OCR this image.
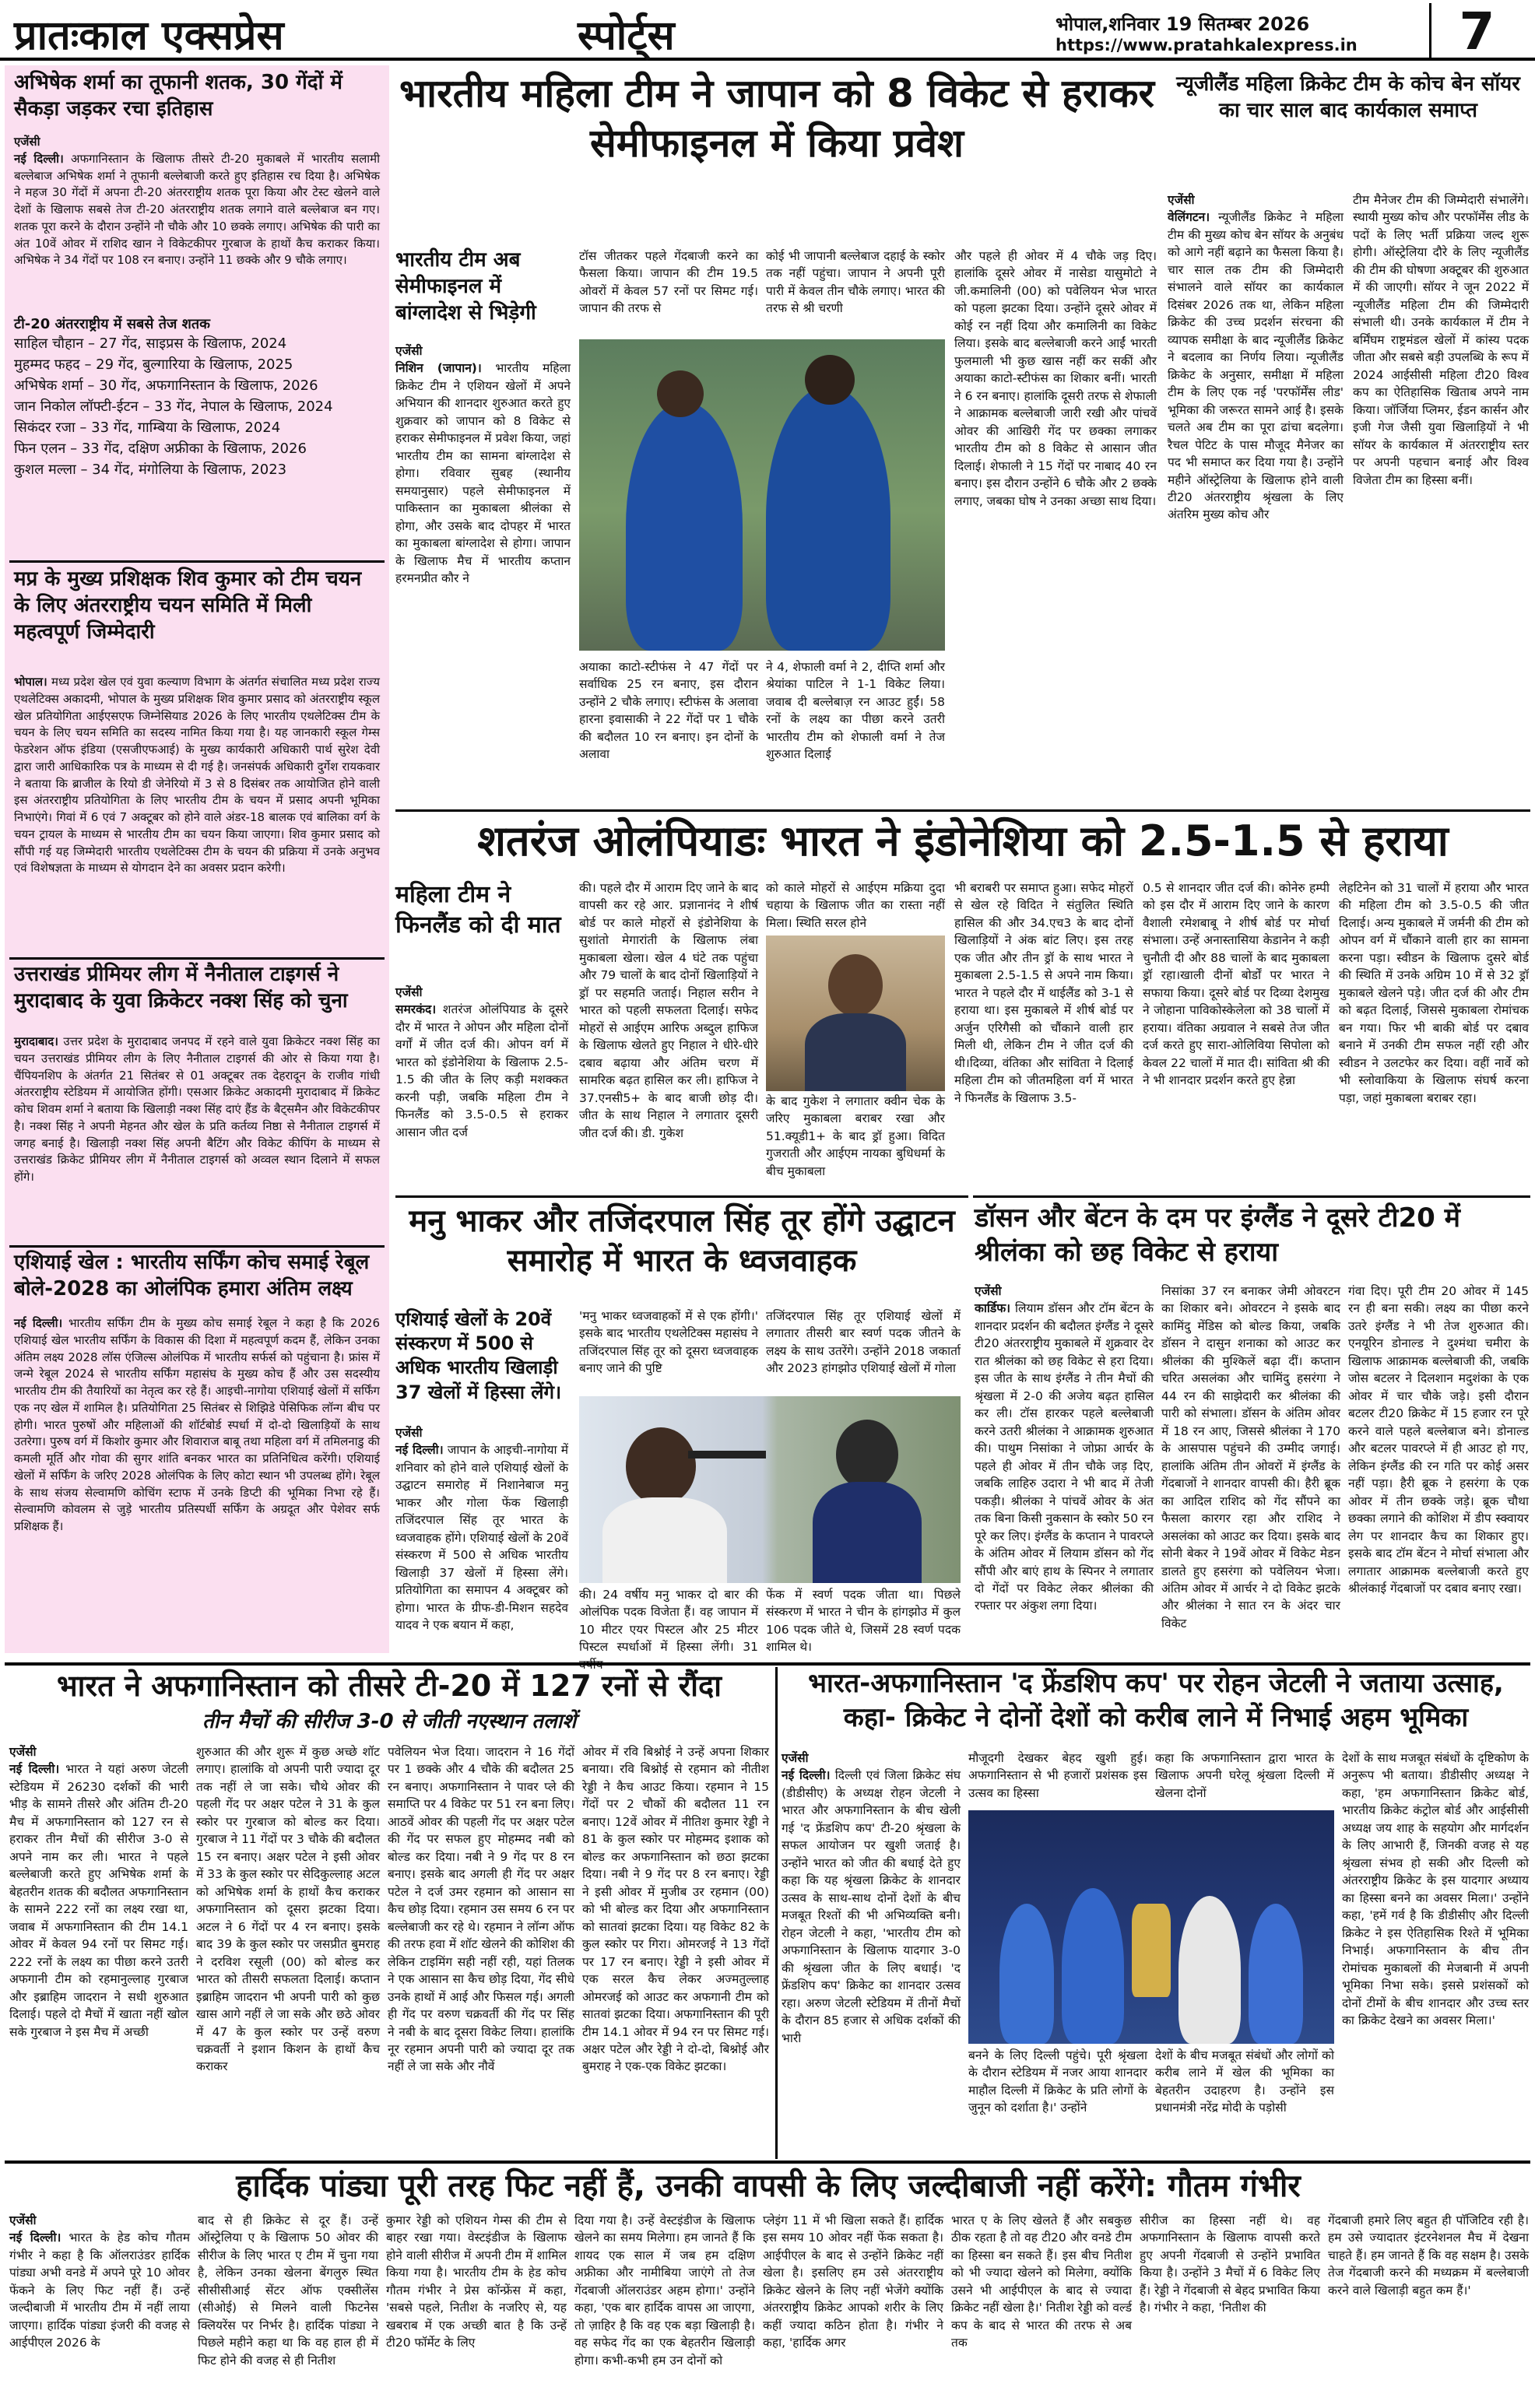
प्रातःकाल एक्सप्रेस	स्पोर्ट्स	भोपाल,शनिवार 19 सितम्बर 2026
https://www.pratahkalexpress.in	7
अभिषेक शर्मा का तूफानी शतक, 30 गेंदों में सैकड़ा जड़कर रचा इतिहास
एजेंसी
नई दिल्ली। अफगानिस्तान के खिलाफ तीसरे टी-20 मुकाबले में भारतीय सलामी बल्लेबाज अभिषेक शर्मा ने तूफानी बल्लेबाजी करते हुए इतिहास रच दिया है। अभिषेक ने महज 30 गेंदों में अपना टी-20 अंतरराष्ट्रीय शतक पूरा किया और टेस्ट खेलने वाले देशों के खिलाफ सबसे तेज टी-20 अंतरराष्ट्रीय शतक लगाने वाले बल्लेबाज बन गए। शतक पूरा करने के दौरान उन्होंने नौ चौके और 10 छक्के लगाए। अभिषेक की पारी का अंत 10वें ओवर में राशिद खान ने विकेटकीपर गुरबाज के हाथों कैच कराकर किया। अभिषेक ने 34 गेंदों पर 108 रन बनाए। उन्होंने 11 छक्के और 9 चौके लगाए।
टी-20 अंतरराष्ट्रीय में सबसे तेज शतक
साहिल चौहान – 27 गेंद, साइप्रस के खिलाफ, 2024
मुहम्मद फहद – 29 गेंद, बुल्गारिया के खिलाफ, 2025
अभिषेक शर्मा – 30 गेंद, अफगानिस्तान के खिलाफ, 2026
जान निकोल लॉफ्टी-ईटन – 33 गेंद, नेपाल के खिलाफ, 2024
सिकंदर रजा – 33 गेंद, गाम्बिया के खिलाफ, 2024
फिन एलन – 33 गेंद, दक्षिण अफ्रीका के खिलाफ, 2026
कुशल मल्ला – 34 गेंद, मंगोलिया के खिलाफ, 2023
मप्र के मुख्य प्रशिक्षक शिव कुमार को टीम चयन के लिए अंतरराष्ट्रीय चयन समिति में मिली महत्वपूर्ण जिम्मेदारी
भोपाल। मध्य प्रदेश खेल एवं युवा कल्याण विभाग के अंतर्गत संचालित मध्य प्रदेश राज्य एथलेटिक्स अकादमी, भोपाल के मुख्य प्रशिक्षक शिव कुमार प्रसाद को अंतरराष्ट्रीय स्कूल खेल प्रतियोगिता आईएसएफ जिम्नेसियाड 2026 के लिए भारतीय एथलेटिक्स टीम के चयन के लिए चयन समिति का सदस्य नामित किया गया है। यह जानकारी स्कूल गेम्स फेडरेशन ऑफ इंडिया (एसजीएफआई) के मुख्य कार्यकारी अधिकारी पार्थ सुरेश देवी द्वारा जारी आधिकारिक पत्र के माध्यम से दी गई है। जनसंपर्क अधिकारी दुर्गेश रायकवार ने बताया कि ब्राजील के रियो डी जेनेरियो में 3 से 8 दिसंबर तक आयोजित होने वाली इस अंतरराष्ट्रीय प्रतियोगिता के लिए भारतीय टीम के चयन में प्रसाद अपनी भूमिका निभाएंगे। गिवां में 6 एवं 7 अक्टूबर को होने वाले अंडर-18 बालक एवं बालिका वर्ग के चयन ट्रायल के माध्यम से भारतीय टीम का चयन किया जाएगा। शिव कुमार प्रसाद को सौंपी गई यह जिम्मेदारी भारतीय एथलेटिक्स टीम के चयन की प्रक्रिया में उनके अनुभव एवं विशेषज्ञता के माध्यम से योगदान देने का अवसर प्रदान करेगी।
उत्तराखंड प्रीमियर लीग में नैनीताल टाइगर्स ने मुरादाबाद के युवा क्रिकेटर नक्श सिंह को चुना
मुरादाबाद। उत्तर प्रदेश के मुरादाबाद जनपद में रहने वाले युवा क्रिकेटर नक्श सिंह का चयन उत्तराखंड प्रीमियर लीग के लिए नैनीताल टाइगर्स की ओर से किया गया है। चैंपियनशिप के अंतर्गत 21 सितंबर से 01 अक्टूबर तक देहरादून के राजीव गांधी अंतरराष्ट्रीय स्टेडियम में आयोजित होंगी। एसआर क्रिकेट अकादमी मुरादाबाद में क्रिकेट कोच शिवम शर्मा ने बताया कि खिलाड़ी नक्श सिंह दाएं हैंड के बैट्समैन और विकेटकीपर है। नक्श सिंह ने अपनी मेहनत और खेल के प्रति कर्तव्य निष्ठा से नैनीताल टाइगर्स में जगह बनाई है। खिलाड़ी नक्श सिंह अपनी बैटिंग और विकेट कीपिंग के माध्यम से उत्तराखंड क्रिकेट प्रीमियर लीग में नैनीताल टाइगर्स को अव्वल स्थान दिलाने में सफल होंगे।
एशियाई खेल : भारतीय सर्फिंग कोच समाई रेबूल बोले-2028 का ओलंपिक हमारा अंतिम लक्ष्य
नई दिल्ली। भारतीय सर्फिंग टीम के मुख्य कोच समाई रेबूल ने कहा है कि 2026 एशियाई खेल भारतीय सर्फिंग के विकास की दिशा में महत्वपूर्ण कदम हैं, लेकिन उनका अंतिम लक्ष्य 2028 लॉस एंजिल्स ओलंपिक में भारतीय सर्फर्स को पहुंचाना है। फ्रांस में जन्मे रेबूल 2024 से भारतीय सर्फिंग महासंघ के मुख्य कोच हैं और उस सदस्यीय भारतीय टीम की तैयारियों का नेतृत्व कर रहे हैं। आइची-नागोया एशियाई खेलों में सर्फिंग एक नए खेल में शामिल है। प्रतियोगिता 25 सितंबर से शिझिडे पेसिफिक लॉन्ग बीच पर होगी। भारत पुरुषों और महिलाओं की शॉर्टबोर्ड स्पर्धा में दो-दो खिलाड़ियों के साथ उतरेगा। पुरुष वर्ग में किशोर कुमार और शिवाराज बाबू तथा महिला वर्ग में तमिलनाडु की कमली मूर्ति और गोवा की सुगर शांति बनकर भारत का प्रतिनिधित्व करेंगी। एशियाई खेलों में सर्फिंग के जरिए 2028 ओलंपिक के लिए कोटा स्थान भी उपलब्ध होंगे। रेबूल के साथ संजय सेल्वामणि कोचिंग स्टाफ में उनके डिप्टी की भूमिका निभा रहे हैं। सेल्वामणि कोवलम से जुड़े भारतीय प्रतिस्पर्धी सर्फिंग के अग्रदूत और पेशेवर सर्फ प्रशिक्षक हैं।
भारतीय महिला टीम ने जापान को 8 विकेट से हराकर सेमीफाइनल में किया प्रवेश
भारतीय टीम अब सेमीफाइनल में बांग्लादेश से भिड़ेगी
एजेंसी
निशिन (जापान)। भारतीय महिला क्रिकेट टीम ने एशियन खेलों में अपने अभियान की शानदार शुरुआत करते हुए शुक्रवार को जापान को 8 विकेट से हराकर सेमीफाइनल में प्रवेश किया, जहां भारतीय टीम का सामना बांग्लादेश से होगा। रविवार सुबह (स्थानीय समयानुसार) पहले सेमीफाइनल में पाकिस्तान का मुकाबला श्रीलंका से होगा, और उसके बाद दोपहर में भारत का मुकाबला बांग्लादेश से होगा। जापान के खिलाफ मैच में भारतीय कप्तान हरमनप्रीत कौर ने
टॉस जीतकर पहले गेंदबाजी करने का फैसला किया। जापान की टीम 19.5 ओवरों में केवल 57 रनों पर सिमट गई। जापान की तरफ से
कोई भी जापानी बल्लेबाज दहाई के स्कोर तक नहीं पहुंचा। जापान ने अपनी पूरी पारी में केवल तीन चौके लगाए। भारत की तरफ से श्री चरणी
अयाका काटो-स्टीफंस ने 47 गेंदों पर सर्वाधिक 25 रन बनाए, इस दौरान उन्होंने 2 चौके लगाए। स्टीफंस के अलावा हारना इवासाकी ने 22 गेंदों पर 1 चौके की बदौलत 10 रन बनाए। इन दोनों के अलावा
ने 4, शेफाली वर्मा ने 2, दीप्ति शर्मा और श्रेयांका पाटिल ने 1-1 विकेट लिया। जवाब दी बल्लेबाज़ रन आउट हुईं। 58 रनों के लक्ष्य का पीछा करने उतरी भारतीय टीम को शेफाली वर्मा ने तेज शुरुआत दिलाई
और पहले ही ओवर में 4 चौके जड़ दिए। हालांकि दूसरे ओवर में नासेडा यासुमोटो ने जी.कमालिनी (00) को पवेलियन भेज भारत को पहला झटका दिया। उन्होंने दूसरे ओवर में कोई रन नहीं दिया और कमालिनी का विकेट लिया। इसके बाद बल्लेबाजी करने आईं भारती फुलमाली भी कुछ खास नहीं कर सकीं और अयाका काटो-स्टीफंस का शिकार बनीं। भारती ने 6 रन बनाए। हालांकि दूसरी तरफ से शेफाली ने आक्रामक बल्लेबाजी जारी रखी और पांचवें ओवर की आखिरी गेंद पर छक्का लगाकर भारतीय टीम को 8 विकेट से आसान जीत दिलाई। शेफाली ने 15 गेंदों पर नाबाद 40 रन बनाए। इस दौरान उन्होंने 6 चौके और 2 छक्के लगाए, जबका घोष ने उनका अच्छा साथ दिया।
न्यूजीलैंड महिला क्रिकेट टीम के कोच बेन सॉयर का चार साल बाद कार्यकाल समाप्त
एजेंसी
वेलिंगटन। न्यूजीलैंड क्रिकेट ने महिला टीम की मुख्य कोच बेन सॉयर के अनुबंध को आगे नहीं बढ़ाने का फैसला किया है। चार साल तक टीम की जिम्मेदारी संभालने वाले सॉयर का कार्यकाल दिसंबर 2026 तक था, लेकिन महिला क्रिकेट की उच्च प्रदर्शन संरचना की व्यापक समीक्षा के बाद न्यूजीलैंड क्रिकेट ने बदलाव का निर्णय लिया। न्यूजीलैंड क्रिकेट के अनुसार, समीक्षा में महिला टीम के लिए एक नई 'परफॉर्मेंस लीड' भूमिका की जरूरत सामने आई है। इसके चलते अब टीम का पूरा ढांचा बदलेगा। रैचल पेटिट के पास मौजूद मैनेजर का पद भी समाप्त कर दिया गया है। उन्होंने महीने ऑस्ट्रेलिया के खिलाफ होने वाली टी20 अंतरराष्ट्रीय श्रृंखला के लिए अंतरिम मुख्य कोच और
टीम मैनेजर टीम की जिम्मेदारी संभालेंगे। स्थायी मुख्य कोच और परफॉर्मेंस लीड के पदों के लिए भर्ती प्रक्रिया जल्द शुरू होगी। ऑस्ट्रेलिया दौरे के लिए न्यूजीलैंड की टीम की घोषणा अक्टूबर की शुरुआत में की जाएगी। सॉयर ने जून 2022 में न्यूजीलैंड महिला टीम की जिम्मेदारी संभाली थी। उनके कार्यकाल में टीम ने बर्मिंघम राष्ट्रमंडल खेलों में कांस्य पदक जीता और सबसे बड़ी उपलब्धि के रूप में 2024 आईसीसी महिला टी20 विश्व कप का ऐतिहासिक खिताब अपने नाम किया। जॉर्जिया प्लिमर, ईडन कार्सन और इजी गेज जैसी युवा खिलाड़ियों ने भी सॉयर के कार्यकाल में अंतरराष्ट्रीय स्तर पर अपनी पहचान बनाई और विश्व विजेता टीम का हिस्सा बनीं।
शतरंज ओलंपियाडः भारत ने इंडोनेशिया को 2.5-1.5 से हराया
महिला टीम ने फिनलैंड को दी मात
एजेंसी
समरकंद। शतरंज ओलंपियाड के दूसरे दौर में भारत ने ओपन और महिला दोनों वर्गों में जीत दर्ज की। ओपन वर्ग में भारत को इंडोनेशिया के खिलाफ 2.5-1.5 की जीत के लिए कड़ी मशक्कत करनी पड़ी, जबकि महिला टीम ने फिनलैंड को 3.5-0.5 से हराकर आसान जीत दर्ज
की। पहले दौर में आराम दिए जाने के बाद वापसी कर रहे आर. प्रज्ञानानंद ने शीर्ष बोर्ड पर काले मोहरों से इंडोनेशिया के सुशांतो मेगारांती के खिलाफ लंबा मुकाबला खेला। खेल 4 घंटे तक पहुंचा और 79 चालों के बाद दोनों खिलाड़ियों ने ड्रॉ पर सहमति जताई। निहाल सरीन ने भारत को पहली सफलता दिलाई। सफेद मोहरों से आईएम आरिफ अब्दुल हाफिज के खिलाफ खेलते हुए निहाल ने धीरे-धीरे दबाव बढ़ाया और अंतिम चरण में सामरिक बढ़त हासिल कर ली। हाफिज ने 37.एनसी5+ के बाद बाजी छोड़ दी। जीत के साथ निहाल ने लगातार दूसरी जीत दर्ज की। डी. गुकेश
को काले मोहरों से आईएम मक्रिया दुदा चहाया के खिलाफ जीत का रास्ता नहीं मिला। स्थिति सरल होने
के बाद गुकेश ने लगातार क्वीन चेक के जरिए मुकाबला बराबर रखा और 51.क्यूडी1+ के बाद ड्रॉ हुआ। विदित गुजराती और आईएम नायका बुधिधर्मा के बीच मुकाबला
भी बराबरी पर समाप्त हुआ। सफेद मोहरों से खेल रहे विदित ने संतुलित स्थिति हासिल की और 34.एच3 के बाद दोनों खिलाड़ियों ने अंक बांट लिए। इस तरह एक जीत और तीन ड्रॉ के साथ भारत ने मुकाबला 2.5-1.5 से अपने नाम किया। भारत ने पहले दौर में थाईलैंड को 3-1 से हराया था। इस मुकाबले में शीर्ष बोर्ड पर अर्जुन एरिगैसी को चौंकाने वाली हार मिली थी, लेकिन टीम ने जीत दर्ज की थी।दिव्या, वंतिका और सांविता ने दिलाई महिला टीम को जीतमहिला वर्ग में भारत ने फिनलैंड के खिलाफ 3.5-
0.5 से शानदार जीत दर्ज की। कोनेरु हम्पी को इस दौर में आराम दिए जाने के कारण वैशाली रमेशबाबू ने शीर्ष बोर्ड पर मोर्चा संभाला। उन्हें अनास्तासिया केडानेन ने कड़ी चुनौती दी और 88 चालों के बाद मुकाबला ड्रॉ रहा।खाली दीनों बोर्डों पर भारत ने सफाया किया। दूसरे बोर्ड पर दिव्या देशमुख ने जोहाना पाविकोस्केलेला को 38 चालों में हराया। वंतिका अग्रवाल ने सबसे तेज जीत दर्ज करते हुए सारा-ओलिविया सिपोला को केवल 22 चालों में मात दी। सांविता श्री की ने भी शानदार प्रदर्शन करते हुए हेन्ना
लेहटिनेन को 31 चालों में हराया और भारत की महिला टीम को 3.5-0.5 की जीत दिलाई। अन्य मुकाबले में जर्मनी की टीम को ओपन वर्ग में चौंकाने वाली हार का सामना करना पड़ा। स्वीडन के खिलाफ दुसरे बोर्ड की स्थिति में उनके अग्रिम 10 में से 32 ड्रॉ मुकाबले खेलने पड़े। जीत दर्ज की और टीम को बढ़त दिलाई, जिससे मुकाबला रोमांचक बन गया। फिर भी बाकी बोर्ड पर दबाव बनाने में उनकी टीम सफल नहीं रही और स्वीडन ने उलटफेर कर दिया। वहीं नार्वे को भी स्लोवाकिया के खिलाफ संघर्ष करना पड़ा, जहां मुकाबला बराबर रहा।
मनु भाकर और तजिंदरपाल सिंह तूर होंगे उद्घाटन समारोह में भारत के ध्वजवाहक
एशियाई खेलों के 20वें संस्करण में 500 से अधिक भारतीय खिलाड़ी 37 खेलों में हिस्सा लेंगे।
एजेंसी
नई दिल्ली। जापान के आइची-नागोया में शनिवार को होने वाले एशियाई खेलों के उद्घाटन समारोह में निशानेबाज मनु भाकर और गोला फेंक खिलाड़ी तजिंदरपाल सिंह तूर भारत के ध्वजवाहक होंगे। एशियाई खेलों के 20वें संस्करण में 500 से अधिक भारतीय खिलाड़ी 37 खेलों में हिस्सा लेंगे। प्रतियोगिता का समापन 4 अक्टूबर को होगा। भारत के ग्रीफ-डी-मिशन सहदेव यादव ने एक बयान में कहा,
'मनु भाकर ध्वजवाहकों में से एक होंगी।' इसके बाद भारतीय एथलेटिक्स महासंघ ने तजिंदरपाल सिंह तूर को दूसरा ध्वजवाहक बनाए जाने की पुष्टि
तजिंदरपाल सिंह तूर एशियाई खेलों में लगातार तीसरी बार स्वर्ण पदक जीतने के लक्ष्य के साथ उतरेंगे। उन्होंने 2018 जकार्ता और 2023 हांगझोउ एशियाई खेलों में गोला
की। 24 वर्षीय मनु भाकर दो बार की ओलंपिक पदक विजेता हैं। वह जापान में 10 मीटर एयर पिस्टल और 25 मीटर पिस्टल स्पर्धाओं में हिस्सा लेंगी। 31
फेंक में स्वर्ण पदक जीता था। पिछले संस्करण में भारत ने चीन के हांगझोउ में कुल 106 पदक जीते थे, जिसमें 28 स्वर्ण पदक शामिल थे।
डॉसन और बेंटन के दम पर इंग्लैंड ने दूसरे टी20 में श्रीलंका को छह विकेट से हराया
एजेंसी
कार्डिफ। लियाम डॉसन और टॉम बेंटन के शानदार प्रदर्शन की बदौलत इंग्लैंड ने दूसरे टी20 अंतरराष्ट्रीय मुकाबले में शुक्रवार देर रात श्रीलंका को छह विकेट से हरा दिया। इस जीत के साथ इंग्लैंड ने तीन मैचों की श्रृंखला में 2-0 की अजेय बढ़त हासिल कर ली। टॉस हारकर पहले बल्लेबाजी करने उतरी श्रीलंका ने आक्रामक शुरुआत की। पाथुम निसांका ने जोफ्रा आर्चर के पहले ही ओवर में तीन चौके जड़ दिए, जबकि लाहिरु उदारा ने भी बाद में तेजी पकड़ी। श्रीलंका ने पांचवें ओवर के अंत तक बिना किसी नुकसान के स्कोर 50 रन पूरे कर लिए। इंग्लैंड के कप्तान ने पावरप्ले के अंतिम ओवर में लियाम डॉसन को गेंद सौंपी और बाएं हाथ के स्पिनर ने लगातार दो गेंदों पर विकेट लेकर श्रीलंका की रफ्तार पर अंकुश लगा दिया।
निसांका 37 रन बनाकर जेमी ओवरटन का शिकार बने। ओवरटन ने इसके बाद कामिंदु मेंडिस को बोल्ड किया, जबकि डॉसन ने दासुन शनाका को आउट कर श्रीलंका की मुश्किलें बढ़ा दीं। कप्तान चरित असलंका और चामिंदु हसरंगा ने 44 रन की साझेदारी कर श्रीलंका की पारी को संभाला। डॉसन के अंतिम ओवर में 18 रन आए, जिससे श्रीलंका ने 170 के आसपास पहुंचने की उम्मीद जगाई। हालांकि अंतिम तीन ओवरों में इंग्लैंड के गेंदबाजों ने शानदार वापसी की। हैरी ब्रूक का आदिल राशिद को गेंद सौंपने का फैसला कारगर रहा और राशिद ने असलंका को आउट कर दिया। इसके बाद सोनी बेकर ने 19वें ओवर में विकेट मेडन डालते हुए हसरंगा को पवेलियन भेजा। अंतिम ओवर में आर्चर ने दो विकेट झटके और श्रीलंका ने सात रन के अंदर चार विकेट
गंवा दिए। पूरी टीम 20 ओवर में 145 रन ही बना सकी। लक्ष्य का पीछा करने उतरे इंग्लैंड ने भी तेज शुरुआत की। एनयूरिन डोनाल्ड ने दुश्मंथा चमीरा के खिलाफ आक्रामक बल्लेबाजी की, जबकि जोस बटलर ने दिलशान मदुशंका के एक ओवर में चार चौके जड़े। इसी दौरान बटलर टी20 क्रिकेट में 15 हजार रन पूरे करने वाले पहले बल्लेबाज बने। डोनाल्ड और बटलर पावरप्ले में ही आउट हो गए, लेकिन इंग्लैंड की रन गति पर कोई असर नहीं पड़ा। हैरी ब्रूक ने हसरंगा के एक ओवर में तीन छक्के जड़े। ब्रूक चौथा छक्का लगाने की कोशिश में डीप स्क्वायर लेग पर शानदार कैच का शिकार हुए। इसके बाद टॉम बेंटन ने मोर्चा संभाला और लगातार आक्रामक बल्लेबाजी करते हुए श्रीलंकाई गेंदबाजों पर दबाव बनाए रखा।
भारत ने अफगानिस्तान को तीसरे टी-20 में 127 रनों से रौंदा
तीन मैचों की सीरीज 3-0 से जीती नएस्थान तलाशें
एजेंसी
नई दिल्ली। भारत ने यहां अरुण जेटली स्टेडियम में 26230 दर्शकों की भारी भीड़ के सामने तीसरे और अंतिम टी-20 मैच में अफगानिस्तान को 127 रन से हराकर तीन मैचों की सीरीज 3-0 से अपने नाम कर ली। भारत ने पहले बल्लेबाजी करते हुए अभिषेक शर्मा के बेहतरीन शतक की बदौलत अफगानिस्तान के सामने 222 रनों का लक्ष्य रखा था, जवाब में अफगानिस्तान की टीम 14.1 ओवर में केवल 94 रनों पर सिमट गई। 222 रनों के लक्ष्य का पीछा करने उतरी अफगानी टीम को रहमानुल्लाह गुरबाज और इब्राहिम जादरान ने सधी शुरुआत दिलाई। पहले दो मैचों में खाता नहीं खोल सके गुरबाज ने इस मैच में अच्छी
शुरुआत की और शुरू में कुछ अच्छे शॉट लगाए। हालांकि वो अपनी पारी ज्यादा दूर तक नहीं ले जा सके। चौथे ओवर की पहली गेंद पर अक्षर पटेल ने 31 के कुल स्कोर पर गुरबाज को बोल्ड कर दिया। गुरबाज ने 11 गेंदों पर 3 चौके की बदौलत 15 रन बनाए। अक्षर पटेल ने इसी ओवर में 33 के कुल स्कोर पर सेदिकुल्लाह अटल को अभिषेक शर्मा के हाथों कैच कराकर अफगानिस्तान को दूसरा झटका दिया। अटल ने 6 गेंदों पर 4 रन बनाए। इसके बाद 39 के कुल स्कोर पर जसप्रीत बुमराह ने दरविश रसूली (00) को बोल्ड कर भारत को तीसरी सफलता दिलाई। कप्तान इब्राहिम जादरान भी अपनी पारी को कुछ खास आगे नहीं ले जा सके और छठे ओवर में 47 के कुल स्कोर पर उन्हें वरुण चक्रवर्ती ने इशान किशन के हाथों कैच कराकर
पवेलियन भेज दिया। जादरान ने 16 गेंदों पर 1 छक्के और 4 चौके की बदौलत 25 रन बनाए। अफगानिस्तान ने पावर प्ले की समाप्ति पर 4 विकेट पर 51 रन बना लिए। आठवें ओवर की पहली गेंद पर अक्षर पटेल की गेंद पर सफल हुए मोहम्मद नबी को बोल्ड कर दिया। नबी ने 9 गेंद पर 8 रन बनाए। इसके बाद अगली ही गेंद पर अक्षर पटेल ने दर्ज उमर रहमान को आसान सा कैच छोड़ दिया। रहमान उस समय 6 रन पर बल्लेबाजी कर रहे थे। रहमान ने लॉन्ग ऑफ की तरफ हवा में शॉट खेलने की कोशिश की लेकिन टाइमिंग सही नहीं रही, यहां तिलक ने एक आसान सा कैच छोड़ दिया, गेंद सीधे उनके हाथों में आई और फिसल गई। अगली ही गेंद पर वरुण चक्रवर्ती की गेंद पर सिंह ने नबी के बाद दूसरा विकेट लिया। हालांकि नूर रहमान अपनी पारी को ज्यादा दूर तक नहीं ले जा सके और नौवें
ओवर में रवि बिश्नोई ने उन्हें अपना शिकार बनाया। रवि बिश्नोई से रहमान को नीतीश रेड्डी ने कैच आउट किया। रहमान ने 15 गेंदों पर 2 चौकों की बदौलत 11 रन बनाए। 12वें ओवर में नीतिश कुमार रेड्डी ने 81 के कुल स्कोर पर मोहम्मद इशाक को बोल्ड कर अफगानिस्तान को छठा झटका दिया। नबी ने 9 गेंद पर 8 रन बनाए। रेड्डी ने इसी ओवर में मुजीब उर रहमान (00) को भी बोल्ड कर दिया और अफगानिस्तान को सातवां झटका दिया। यह विकेट 82 के कुल स्कोर पर गिरा। ओमरजई ने 13 गेंदों पर 17 रन बनाए। रेड्डी ने इसी ओवर में एक सरल कैच लेकर अज्मतुल्लाह ओमरजई को आउट कर अफगानी टीम को सातवां झटका दिया। अफगानिस्तान की पूरी टीम 14.1 ओवर में 94 रन पर सिमट गई। अक्षर पटेल और रेड्डी ने दो-दो, बिश्नोई और बुमराह ने एक-एक विकेट झटका।
भारत-अफगानिस्तान 'द फ्रेंडशिप कप' पर रोहन जेटली ने जताया उत्साह, कहा- क्रिकेट ने दोनों देशों को करीब लाने में निभाई अहम भूमिका
एजेंसी
नई दिल्ली। दिल्ली एवं जिला क्रिकेट संघ (डीडीसीए) के अध्यक्ष रोहन जेटली ने भारत और अफगानिस्तान के बीच खेली गई 'द फ्रेंडशिप कप' टी-20 श्रृंखला के सफल आयोजन पर खुशी जताई है। उन्होंने भारत को जीत की बधाई देते हुए कहा कि यह श्रृंखला क्रिकेट के शानदार उत्सव के साथ-साथ दोनों देशों के बीच मजबूत रिश्तों की भी अभिव्यक्ति बनी। रोहन जेटली ने कहा, 'भारतीय टीम को अफगानिस्तान के खिलाफ यादगार 3-0 की श्रृंखला जीत के लिए बधाई। 'द फ्रेंडशिप कप' क्रिकेट का शानदार उत्सव रहा। अरुण जेटली स्टेडियम में तीनों मैचों के दौरान 85 हजार से अधिक दर्शकों की भारी
मौजूदगी देखकर बेहद खुशी हुई। अफगानिस्तान से भी हजारों प्रशंसक इस उत्सव का हिस्सा
कहा कि अफगानिस्तान द्वारा भारत के खिलाफ अपनी घरेलू श्रृंखला दिल्ली में खेलना दोनों
बनने के लिए दिल्ली पहुंचे। पूरी श्रृंखला के दौरान स्टेडियम में नजर आया शानदार माहौल दिल्ली में क्रिकेट के प्रति लोगों के जुनून को दर्शाता है।' उन्होंने
देशों के बीच मजबूत संबंधों और लोगों को करीब लाने में खेल की भूमिका का बेहतरीन उदाहरण है। उन्होंने इस प्रधानमंत्री नरेंद्र मोदी के पड़ोसी
देशों के साथ मजबूत संबंधों के दृष्टिकोण के अनुरूप भी बताया। डीडीसीए अध्यक्ष ने कहा, 'हम अफगानिस्तान क्रिकेट बोर्ड, भारतीय क्रिकेट कंट्रोल बोर्ड और आईसीसी अध्यक्ष जय शाह के सहयोग और मार्गदर्शन के लिए आभारी हैं, जिनकी वजह से यह श्रृंखला संभव हो सकी और दिल्ली को अंतरराष्ट्रीय क्रिकेट के इस यादगार अध्याय का हिस्सा बनने का अवसर मिला।' उन्होंने कहा, 'हमें गर्व है कि डीडीसीए और दिल्ली क्रिकेट ने इस ऐतिहासिक रिश्ते में भूमिका निभाई। अफगानिस्तान के बीच तीन रोमांचक मुकाबलों की मेजबानी में अपनी भूमिका निभा सके। इससे प्रशंसकों को दोनों टीमों के बीच शानदार और उच्च स्तर का क्रिकेट देखने का अवसर मिला।'
हार्दिक पांड्या पूरी तरह फिट नहीं हैं, उनकी वापसी के लिए जल्दीबाजी नहीं करेंगे: गौतम गंभीर
एजेंसी
नई दिल्ली। भारत के हेड कोच गौतम गंभीर ने कहा है कि ऑलराउंडर हार्दिक पांड्या अभी वनडे में अपने पूरे 10 ओवर फेंकने के लिए फिट नहीं हैं। उन्हें जल्दीबाजी में भारतीय टीम में नहीं लाया जाएगा। हार्दिक पांड्या इंजरी की वजह से आईपीएल 2026 के
बाद से ही क्रिकेट से दूर हैं। उन्हें ऑस्ट्रेलिया ए के खिलाफ 50 ओवर की सीरीज के लिए भारत ए टीम में चुना गया है, लेकिन उनका खेलना बेंगलुरु स्थित सीसीसीआई सेंटर ऑफ एक्सीलेंस (सीओई) से मिलने वाली फिटनेस क्लियरेंस पर निर्भर है। हार्दिक पांड्या ने पिछले महीने कहा था कि वह हाल ही में फिट होने की वजह से ही नितीश
कुमार रेड्डी को एशियन गेम्स की टीम से बाहर रखा गया। वेस्टइंडीज के खिलाफ होने वाली सीरीज में अपनी टीम में शामिल किया गया है। भारतीय टीम के हेड कोच गौतम गंभीर ने प्रेस कॉन्फ्रेंस में कहा, 'सबसे पहले, नितीश के नजरिए से, यह खबराब में एक अच्छी बात है कि उन्हें टी20 फॉर्मेट के लिए
दिया गया है। उन्हें वेस्टइंडीज के खिलाफ खेलने का समय मिलेगा। हम जानते हैं कि शायद एक साल में जब हम दक्षिण अफ्रीका और नामीबिया जाएंगे तो तेज गेंदबाजी ऑलराउंडर अहम होगा।' उन्होंने कहा, 'एक बार हार्दिक वापस आ जाएगा, तो ज़ाहिर है कि वह एक बड़ा खिलाड़ी है। वह सफेद गेंद का एक बेहतरीन खिलाड़ी होगा। कभी-कभी हम उन दोनों को
प्लेइंग 11 में भी खिला सकते हैं। हार्दिक इस समय 10 ओवर नहीं फेंक सकता है। आईपीएल के बाद से उन्होंने क्रिकेट नहीं खेला है। इसलिए हम उसे अंतरराष्ट्रीय क्रिकेट खेलने के लिए नहीं भेजेंगे क्योंकि अंतरराष्ट्रीय क्रिकेट आपको शरीर के लिए कहीं ज्यादा कठिन होता है। गंभीर ने कहा, 'हार्दिक अगर
भारत ए के लिए खेलते हैं और सबकुछ ठीक रहता है तो वह टी20 और वनडे टीम का हिस्सा बन सकते हैं। इस बीच नितीश को भी ज्यादा खेलने को मिलेगा, क्योंकि उसने भी आईपीएल के बाद से ज्यादा क्रिकेट नहीं खेला है।' नितीश रेड्डी को वर्ल्ड कप के बाद से भारत की तरफ से अब तक
सीरीज का हिस्सा नहीं थे। वह अफगानिस्तान के खिलाफ वापसी करते हुए अपनी गेंदबाजी से उन्होंने प्रभावित किया है। उन्होंने 3 मैचों में 6 विकेट लिए हैं। रेड्डी ने गेंदबाजी से बेहद प्रभावित किया है। गंभीर ने कहा, 'नितीश की
गेंदबाजी हमारे लिए बहुत ही पाॅजिटिव रही है। हम उसे ज्यादातर इंटरनेशनल मैच में देखना चाहते हैं। हम जानते हैं कि वह सक्षम है। उसके तेज गेंदबाजी करने की मध्यक्रम में बल्लेबाजी करने वाले खिलाड़ी बहुत कम हैं।'
